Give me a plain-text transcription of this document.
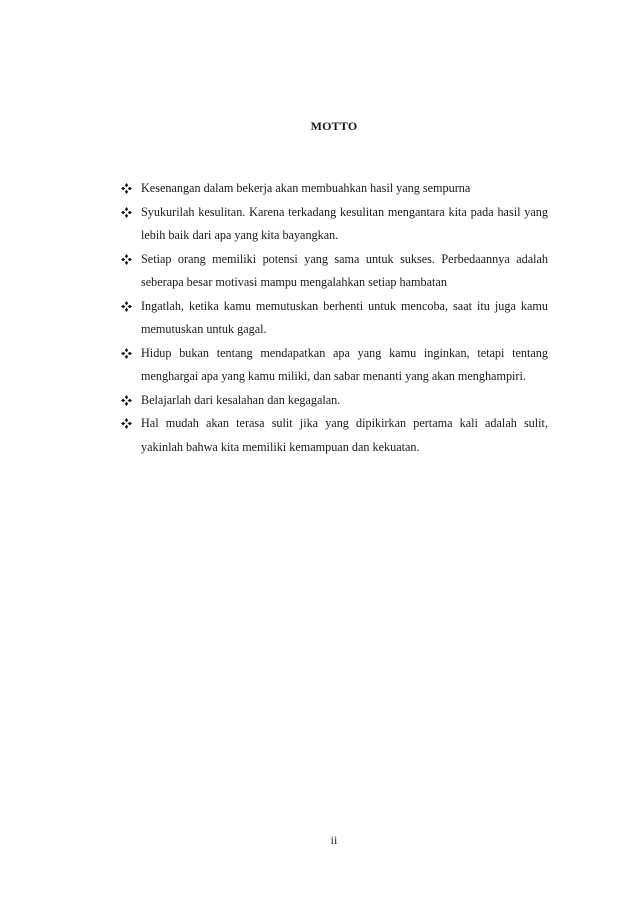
MOTTO
Kesenangan dalam bekerja akan membuahkan hasil yang sempurna
Syukurilah kesulitan. Karena terkadang kesulitan mengantara kita pada hasil yang lebih baik dari apa yang kita bayangkan.
Setiap orang memiliki potensi yang sama untuk sukses. Perbedaannya adalah seberapa besar motivasi mampu mengalahkan setiap hambatan
Ingatlah, ketika kamu memutuskan berhenti untuk mencoba, saat itu juga kamu memutuskan untuk gagal.
Hidup bukan tentang mendapatkan apa yang kamu inginkan, tetapi tentang menghargai apa yang kamu miliki, dan sabar menanti yang akan menghampiri.
Belajarlah dari kesalahan dan kegagalan.
Hal mudah akan terasa sulit jika yang dipikirkan pertama kali adalah sulit, yakinlah bahwa kita memiliki kemampuan dan kekuatan.
ii
